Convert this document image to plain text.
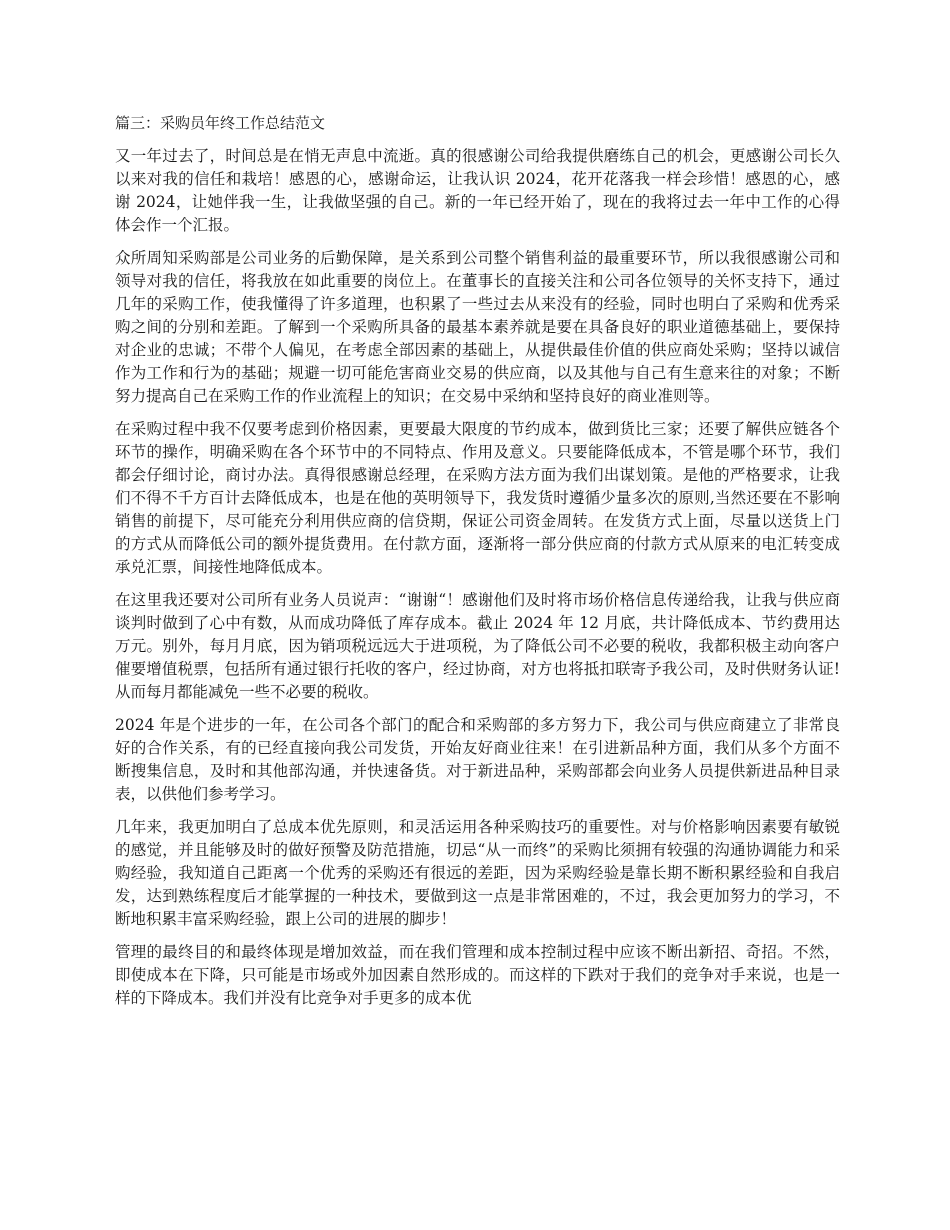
篇三：采购员年终工作总结范文

又一年过去了，时间总是在悄无声息中流逝。真的很感谢公司给我提供磨练自己的机会，更感谢公司长久以来对我的信任和栽培！感恩的心，感谢命运，让我认识 2024，花开花落我一样会珍惜！感恩的心，感谢 2024，让她伴我一生，让我做坚强的自己。新的一年已经开始了，现在的我将过去一年中工作的心得体会作一个汇报。

众所周知采购部是公司业务的后勤保障，是关系到公司整个销售利益的最重要环节，所以我很感谢公司和领导对我的信任，将我放在如此重要的岗位上。在董事长的直接关注和公司各位领导的关怀支持下，通过几年的采购工作，使我懂得了许多道理，也积累了一些过去从来没有的经验，同时也明白了采购和优秀采购之间的分别和差距。了解到一个采购所具备的最基本素养就是要在具备良好的职业道德基础上，要保持对企业的忠诚；不带个人偏见，在考虑全部因素的基础上，从提供最佳价值的供应商处采购；坚持以诚信作为工作和行为的基础；规避一切可能危害商业交易的供应商，以及其他与自己有生意来往的对象；不断努力提高自己在采购工作的作业流程上的知识；在交易中采纳和坚持良好的商业准则等。

在采购过程中我不仅要考虑到价格因素，更要最大限度的节约成本，做到货比三家；还要了解供应链各个环节的操作，明确采购在各个环节中的不同特点、作用及意义。只要能降低成本，不管是哪个环节，我们都会仔细讨论，商讨办法。真得很感谢总经理，在采购方法方面为我们出谋划策。是他的严格要求，让我们不得不千方百计去降低成本，也是在他的英明领导下，我发货时遵循少量多次的原则,当然还要在不影响销售的前提下，尽可能充分利用供应商的信贷期，保证公司资金周转。在发货方式上面，尽量以送货上门的方式从而降低公司的额外提货费用。在付款方面，逐渐将一部分供应商的付款方式从原来的电汇转变成承兑汇票，间接性地降低成本。

在这里我还要对公司所有业务人员说声：“谢谢“！感谢他们及时将市场价格信息传递给我，让我与供应商谈判时做到了心中有数，从而成功降低了库存成本。截止 2024 年 12 月底，共计降低成本、节约费用达万元。别外，每月月底，因为销项税远远大于进项税，为了降低公司不必要的税收，我都积极主动向客户催要增值税票，包括所有通过银行托收的客户，经过协商，对方也将抵扣联寄予我公司，及时供财务认证!从而每月都能减免一些不必要的税收。

2024 年是个进步的一年，在公司各个部门的配合和采购部的多方努力下，我公司与供应商建立了非常良好的合作关系，有的已经直接向我公司发货，开始友好商业往来！在引进新品种方面，我们从多个方面不断搜集信息，及时和其他部沟通，并快速备货。对于新进品种，采购部都会向业务人员提供新进品种目录表，以供他们参考学习。

几年来，我更加明白了总成本优先原则，和灵活运用各种采购技巧的重要性。对与价格影响因素要有敏锐的感觉，并且能够及时的做好预警及防范措施，切忌“从一而终”的采购比须拥有较强的沟通协调能力和采购经验，我知道自己距离一个优秀的采购还有很远的差距，因为采购经验是靠长期不断积累经验和自我启发，达到熟练程度后才能掌握的一种技术，要做到这一点是非常困难的，不过，我会更加努力的学习，不断地积累丰富采购经验，跟上公司的进展的脚步！

管理的最终目的和最终体现是增加效益，而在我们管理和成本控制过程中应该不断出新招、奇招。不然，即使成本在下降，只可能是市场或外加因素自然形成的。而这样的下跌对于我们的竞争对手来说，也是一样的下降成本。我们并没有比竞争对手更多的成本优
